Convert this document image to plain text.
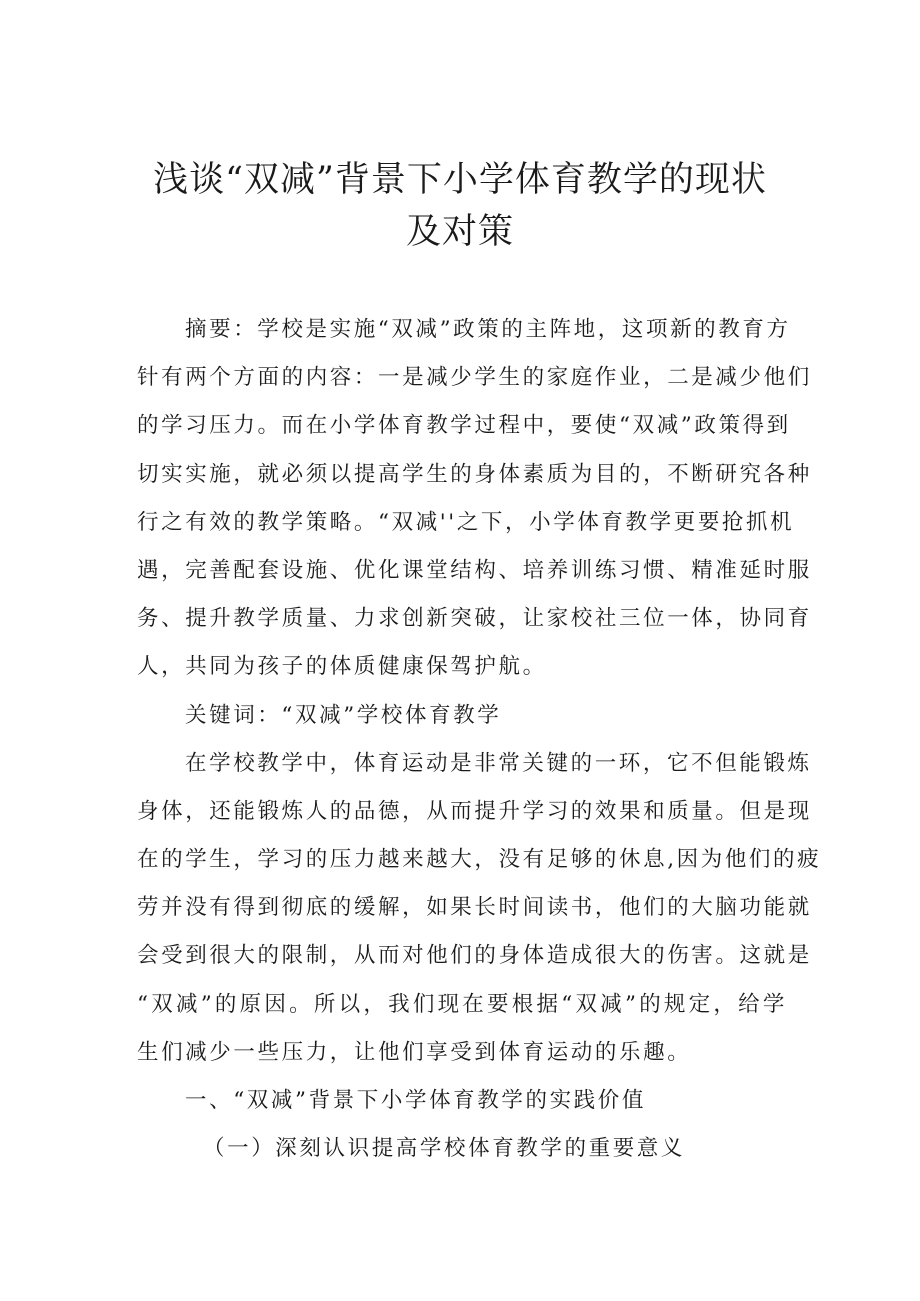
浅谈“双减”背景下小学体育教学的现状
及对策
摘要：学校是实施“双减”政策的主阵地，这项新的教育方
针有两个方面的内容：一是减少学生的家庭作业，二是减少他们
的学习压力。而在小学体育教学过程中，要使“双减”政策得到
切实实施，就必须以提高学生的身体素质为目的，不断研究各种
行之有效的教学策略。“双减''之下，小学体育教学更要抢抓机
遇，完善配套设施、优化课堂结构、培养训练习惯、精准延时服
务、提升教学质量、力求创新突破，让家校社三位一体，协同育
人，共同为孩子的体质健康保驾护航。
关键词：“双减”学校体育教学
在学校教学中，体育运动是非常关键的一环，它不但能锻炼
身体，还能锻炼人的品德，从而提升学习的效果和质量。但是现
在的学生，学习的压力越来越大，没有足够的休息,因为他们的疲
劳并没有得到彻底的缓解，如果长时间读书，他们的大脑功能就
会受到很大的限制，从而对他们的身体造成很大的伤害。这就是
“双减”的原因。所以，我们现在要根据“双减”的规定，给学
生们减少一些压力，让他们享受到体育运动的乐趣。
一、“双减”背景下小学体育教学的实践价值
（一）深刻认识提高学校体育教学的重要意义
